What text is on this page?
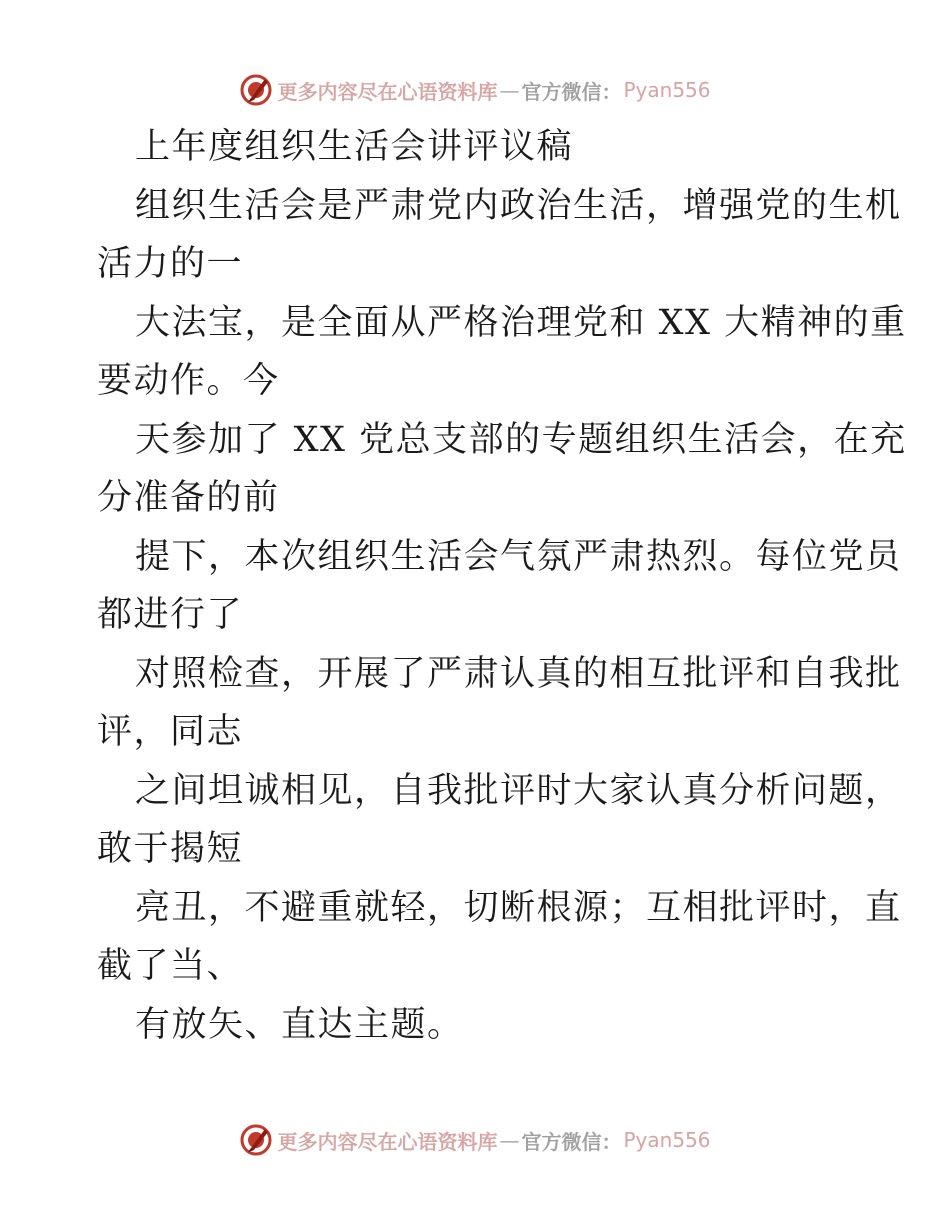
更多内容尽在心语资料库 — 官方微信： Pyan556
上年度组织生活会讲评议稿
组织生活会是严肃党内政治生活，增强党的生机
活力的一
大法宝，是全面从严格治理党和 XX 大精神的重
要动作。今
天参加了 XX 党总支部的专题组织生活会，在充
分准备的前
提下，本次组织生活会气氛严肃热烈。每位党员
都进行了
对照检查，开展了严肃认真的相互批评和自我批
评，同志
之间坦诚相见，自我批评时大家认真分析问题，
敢于揭短
亮丑，不避重就轻，切断根源；互相批评时，直
截了当、
有放矢、直达主题。
更多内容尽在心语资料库 — 官方微信： Pyan556
